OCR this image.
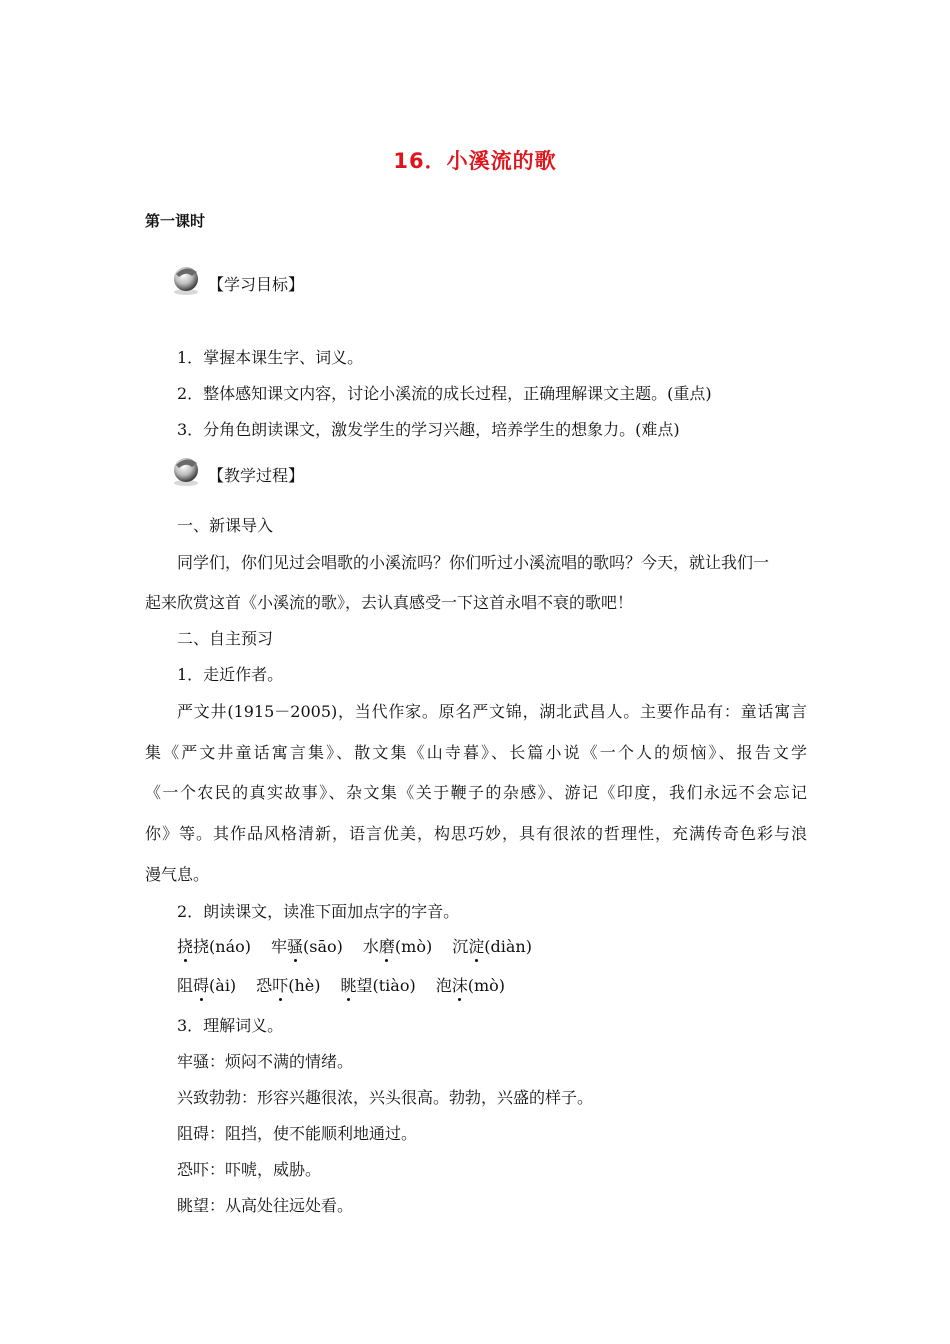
16．小溪流的歌
第一课时
【学习目标】
1．掌握本课生字、词义。
2．整体感知课文内容，讨论小溪流的成长过程，正确理解课文主题。(重点)
3．分角色朗读课文，激发学生的学习兴趣，培养学生的想象力。(难点)
【教学过程】
一、新课导入
同学们，你们见过会唱歌的小溪流吗？你们听过小溪流唱的歌吗？今天，就让我们一
起来欣赏这首《小溪流的歌》，去认真感受一下这首永唱不衰的歌吧！
二、自主预习
1．走近作者。
严文井(1915－2005)，当代作家。原名严文锦，湖北武昌人。主要作品有：童话寓言
集《严文井童话寓言集》、散文集《山寺暮》、长篇小说《一个人的烦恼》、报告文学
《一个农民的真实故事》、杂文集《关于鞭子的杂感》、游记《印度，我们永远不会忘记
你》等。其作品风格清新，语言优美，构思巧妙，具有很浓的哲理性，充满传奇色彩与浪
漫气息。
2．朗读课文，读准下面加点字的字音。
挠挠(náo) 牢骚(sāo) 水磨(mò) 沉淀(diàn)
阻碍(ài) 恐吓(hè) 眺望(tiào) 泡沫(mò)
3．理解词义。
牢骚：烦闷不满的情绪。
兴致勃勃：形容兴趣很浓，兴头很高。勃勃，兴盛的样子。
阻碍：阻挡，使不能顺利地通过。
恐吓：吓唬，威胁。
眺望：从高处往远处看。
